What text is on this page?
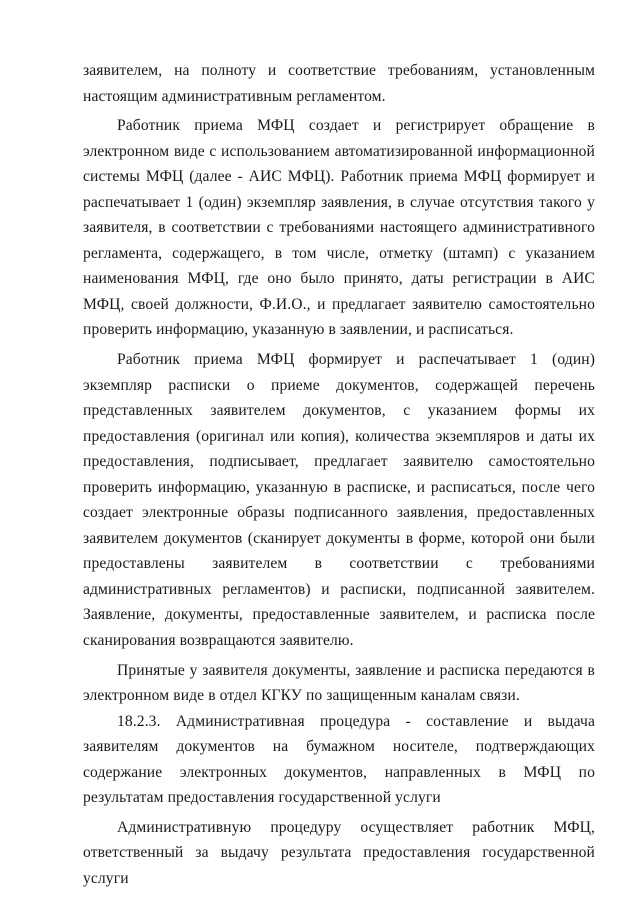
заявителем, на полноту и соответствие требованиям, установленным настоящим административным регламентом.

Работник приема МФЦ создает и регистрирует обращение в электронном виде с использованием автоматизированной информационной системы МФЦ (далее - АИС МФЦ). Работник приема МФЦ формирует и распечатывает 1 (один) экземпляр заявления, в случае отсутствия такого у заявителя, в соответствии с требованиями настоящего административного регламента, содержащего, в том числе, отметку (штамп) с указанием наименования МФЦ, где оно было принято, даты регистрации в АИС МФЦ, своей должности, Ф.И.О., и предлагает заявителю самостоятельно проверить информацию, указанную в заявлении, и расписаться.

Работник приема МФЦ формирует и распечатывает 1 (один) экземпляр расписки о приеме документов, содержащей перечень представленных заявителем документов, с указанием формы их предоставления (оригинал или копия), количества экземпляров и даты их предоставления, подписывает, предлагает заявителю самостоятельно проверить информацию, указанную в расписке, и расписаться, после чего создает электронные образы подписанного заявления, предоставленных заявителем документов (сканирует документы в форме, которой они были предоставлены заявителем в соответствии с требованиями административных регламентов) и расписки, подписанной заявителем. Заявление, документы, предоставленные заявителем, и расписка после сканирования возвращаются заявителю.

Принятые у заявителя документы, заявление и расписка передаются в электронном виде в отдел КГКУ по защищенным каналам связи.

18.2.3. Административная процедура - составление и выдача заявителям документов на бумажном носителе, подтверждающих содержание электронных документов, направленных в МФЦ по результатам предоставления государственной услуги

Административную процедуру осуществляет работник МФЦ, ответственный за выдачу результата предоставления государственной услуги
